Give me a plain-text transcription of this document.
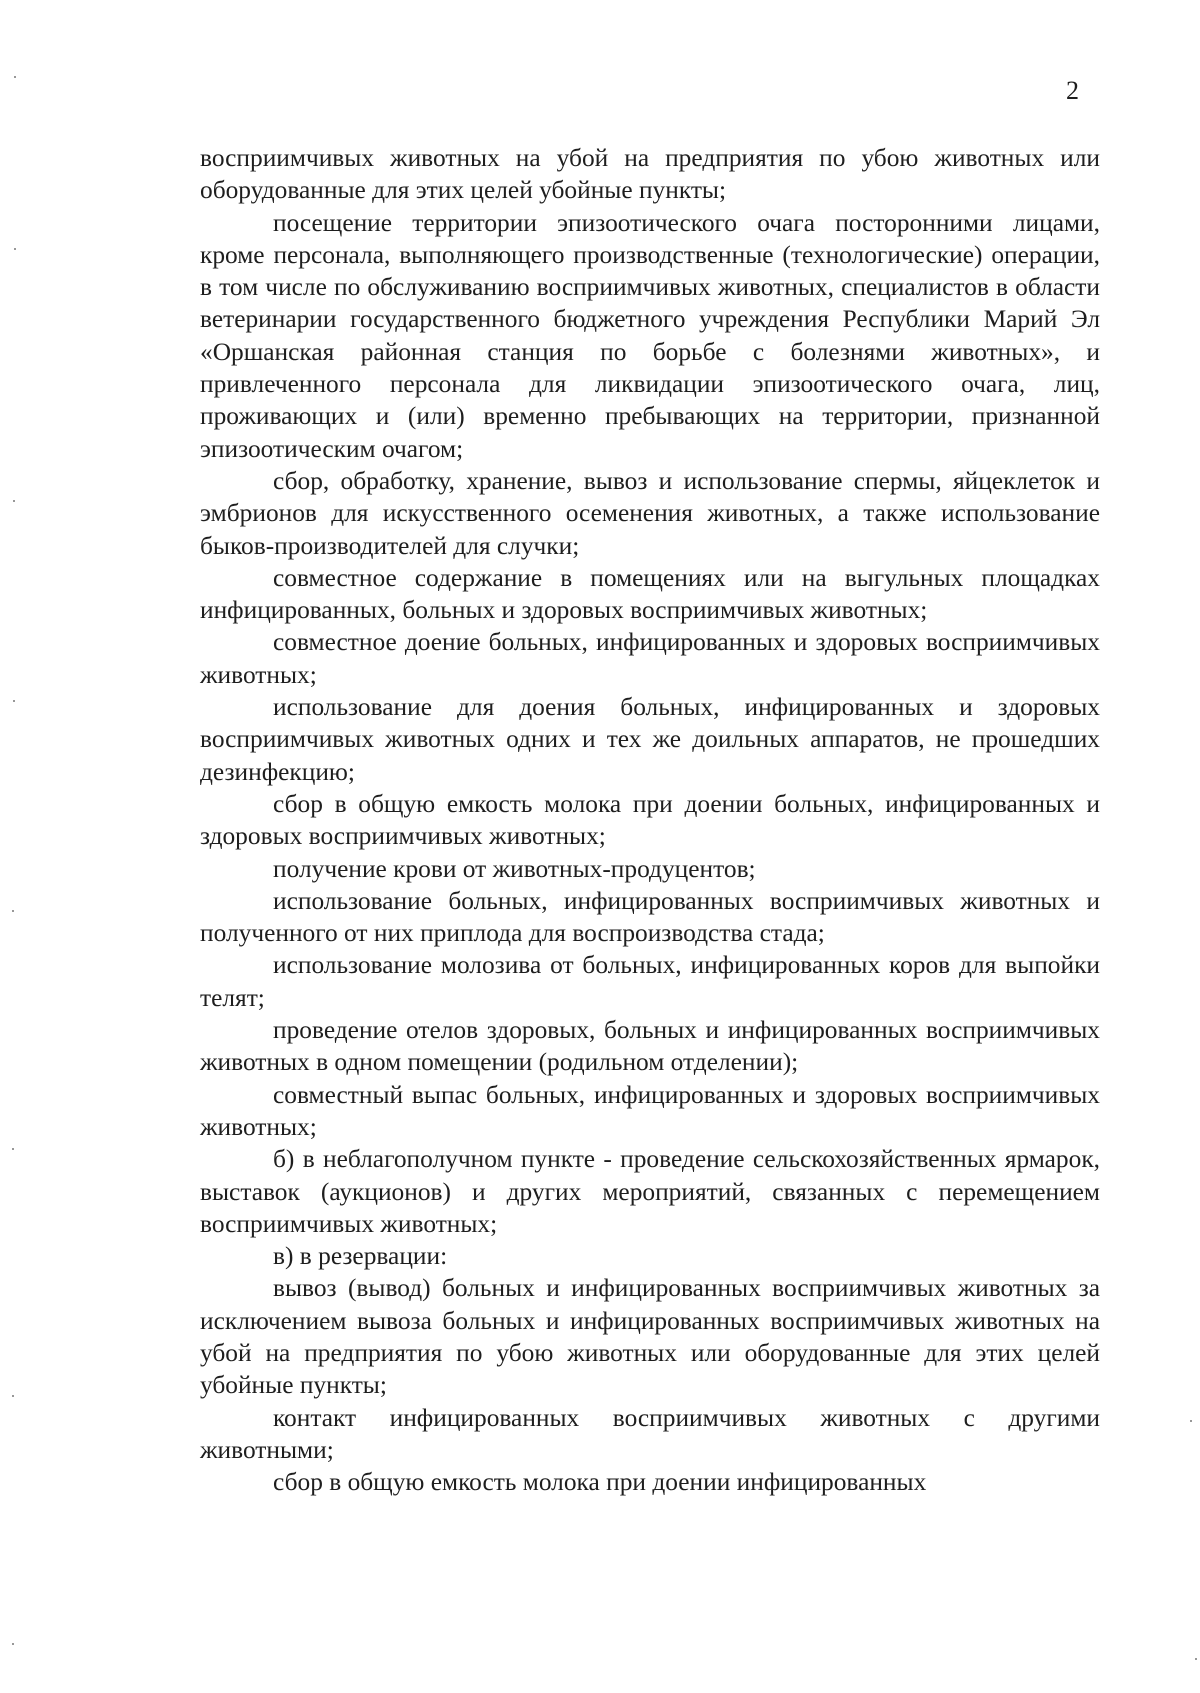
2

восприимчивых животных на убой на предприятия по убою животных или оборудованные для этих целей убойные пункты;

посещение территории эпизоотического очага посторонними лицами, кроме персонала, выполняющего производственные (технологические) операции, в том числе по обслуживанию восприимчивых животных, специалистов в области ветеринарии государственного бюджетного учреждения Республики Марий Эл «Оршанская районная станция по борьбе с болезнями животных», и привлеченного персонала для ликвидации эпизоотического очага, лиц, проживающих и (или) временно пребывающих на территории, признанной эпизоотическим очагом;

сбор, обработку, хранение, вывоз и использование спермы, яйцеклеток и эмбрионов для искусственного осеменения животных, а также использование быков-производителей для случки;

совместное содержание в помещениях или на выгульных площадках инфицированных, больных и здоровых восприимчивых животных;

совместное доение больных, инфицированных и здоровых восприимчивых животных;

использование для доения больных, инфицированных и здоровых восприимчивых животных одних и тех же доильных аппаратов, не прошедших дезинфекцию;

сбор в общую емкость молока при доении больных, инфицированных и здоровых восприимчивых животных;

получение крови от животных-продуцентов;

использование больных, инфицированных восприимчивых животных и полученного от них приплода для воспроизводства стада;

использование молозива от больных, инфицированных коров для выпойки телят;

проведение отелов здоровых, больных и инфицированных восприимчивых животных в одном помещении (родильном отделении);

совместный выпас больных, инфицированных и здоровых восприимчивых животных;

б) в неблагополучном пункте - проведение сельскохозяйственных ярмарок, выставок (аукционов) и других мероприятий, связанных с перемещением восприимчивых животных;

в) в резервации:

вывоз (вывод) больных и инфицированных восприимчивых животных за исключением вывоза больных и инфицированных восприимчивых животных на убой на предприятия по убою животных или оборудованные для этих целей убойные пункты;

контакт инфицированных восприимчивых животных с другими животными;

сбор в общую емкость молока при доении инфицированных
